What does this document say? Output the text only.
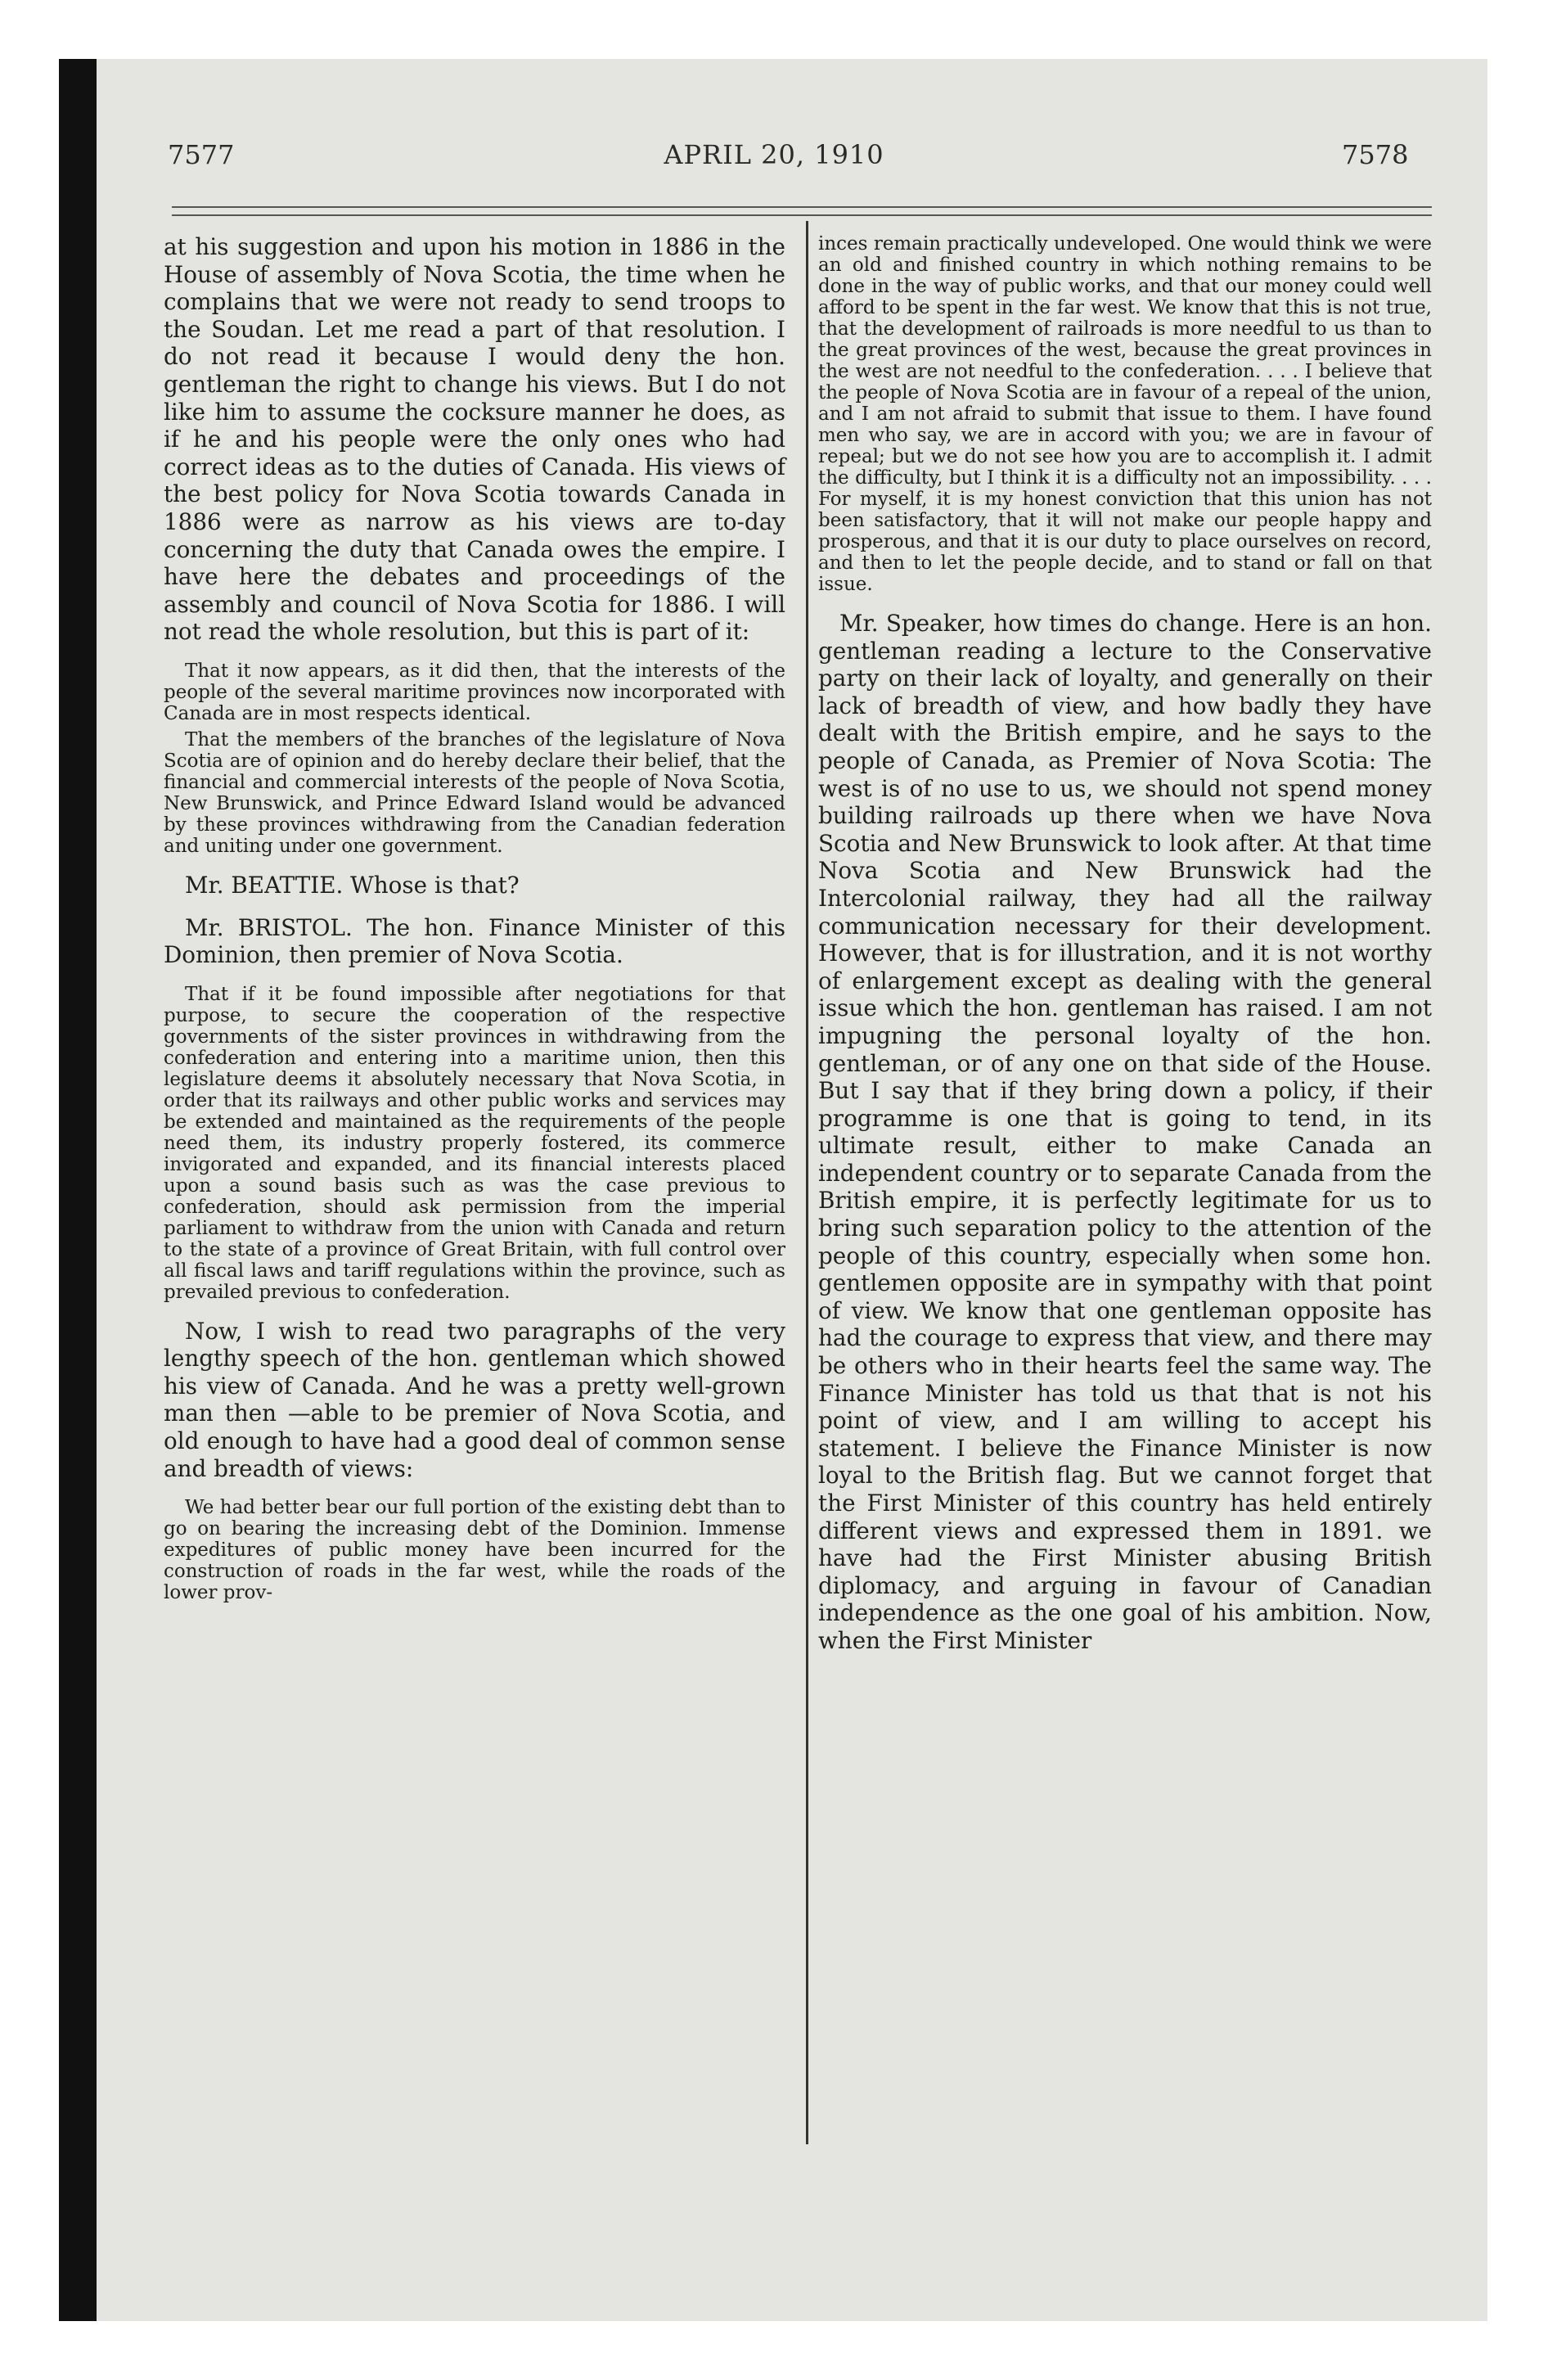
7577	APRIL 20, 1910	7578

at his suggestion and upon his motion in 1886 in the House of assembly of Nova Scotia, the time when he complains that we were not ready to send troops to the Soudan. Let me read a part of that resolution. I do not read it because I would deny the hon. gentleman the right to change his views. But I do not like him to assume the cocksure manner he does, as if he and his people were the only ones who had correct ideas as to the duties of Canada. His views of the best policy for Nova Scotia towards Canada in 1886 were as narrow as his views are to-day concerning the duty that Canada owes the empire. I have here the debates and proceedings of the assembly and council of Nova Scotia for 1886. I will not read the whole resolution, but this is part of it:

That it now appears, as it did then, that the interests of the people of the several maritime provinces now incorporated with Canada are in most respects identical.

That the members of the branches of the legislature of Nova Scotia are of opinion and do hereby declare their belief, that the financial and commercial interests of the people of Nova Scotia, New Brunswick, and Prince Edward Island would be advanced by these provinces withdrawing from the Canadian federation and uniting under one government.

Mr. BEATTIE. Whose is that?

Mr. BRISTOL. The hon. Finance Minister of this Dominion, then premier of Nova Scotia.

That if it be found impossible after negotiations for that purpose, to secure the cooperation of the respective governments of the sister provinces in withdrawing from the confederation and entering into a maritime union, then this legislature deems it absolutely necessary that Nova Scotia, in order that its railways and other public works and services may be extended and maintained as the requirements of the people need them, its industry properly fostered, its commerce invigorated and expanded, and its financial interests placed upon a sound basis such as was the case previous to confederation, should ask permission from the imperial parliament to withdraw from the union with Canada and return to the state of a province of Great Britain, with full control over all fiscal laws and tariff regulations within the province, such as prevailed previous to confederation.

Now, I wish to read two paragraphs of the very lengthy speech of the hon. gentleman which showed his view of Canada. And he was a pretty well-grown man then —able to be premier of Nova Scotia, and old enough to have had a good deal of common sense and breadth of views:

We had better bear our full portion of the existing debt than to go on bearing the increasing debt of the Dominion. Immense expeditures of public money have been incurred for the construction of roads in the far west, while the roads of the lower prov-

inces remain practically undeveloped. One would think we were an old and finished country in which nothing remains to be done in the way of public works, and that our money could well afford to be spent in the far west. We know that this is not true, that the development of railroads is more needful to us than to the great provinces of the west, because the great provinces in the west are not needful to the confederation. . . . I believe that the people of Nova Scotia are in favour of a repeal of the union, and I am not afraid to submit that issue to them. I have found men who say, we are in accord with you; we are in favour of repeal; but we do not see how you are to accomplish it. I admit the difficulty, but I think it is a difficulty not an impossibility. . . . For myself, it is my honest conviction that this union has not been satisfactory, that it will not make our people happy and prosperous, and that it is our duty to place ourselves on record, and then to let the people decide, and to stand or fall on that issue.

Mr. Speaker, how times do change. Here is an hon. gentleman reading a lecture to the Conservative party on their lack of loyalty, and generally on their lack of breadth of view, and how badly they have dealt with the British empire, and he says to the people of Canada, as Premier of Nova Scotia: The west is of no use to us, we should not spend money building railroads up there when we have Nova Scotia and New Brunswick to look after. At that time Nova Scotia and New Brunswick had the Intercolonial railway, they had all the railway communication necessary for their development. However, that is for illustration, and it is not worthy of enlargement except as dealing with the general issue which the hon. gentleman has raised. I am not impugning the personal loyalty of the hon. gentleman, or of any one on that side of the House. But I say that if they bring down a policy, if their programme is one that is going to tend, in its ultimate result, either to make Canada an independent country or to separate Canada from the British empire, it is perfectly legitimate for us to bring such separation policy to the attention of the people of this country, especially when some hon. gentlemen opposite are in sympathy with that point of view. We know that one gentleman opposite has had the courage to express that view, and there may be others who in their hearts feel the same way. The Finance Minister has told us that that is not his point of view, and I am willing to accept his statement. I believe the Finance Minister is now loyal to the British flag. But we cannot forget that the First Minister of this country has held entirely different views and expressed them in 1891. we have had the First Minister abusing British diplomacy, and arguing in favour of Canadian independence as the one goal of his ambition. Now, when the First Minister
